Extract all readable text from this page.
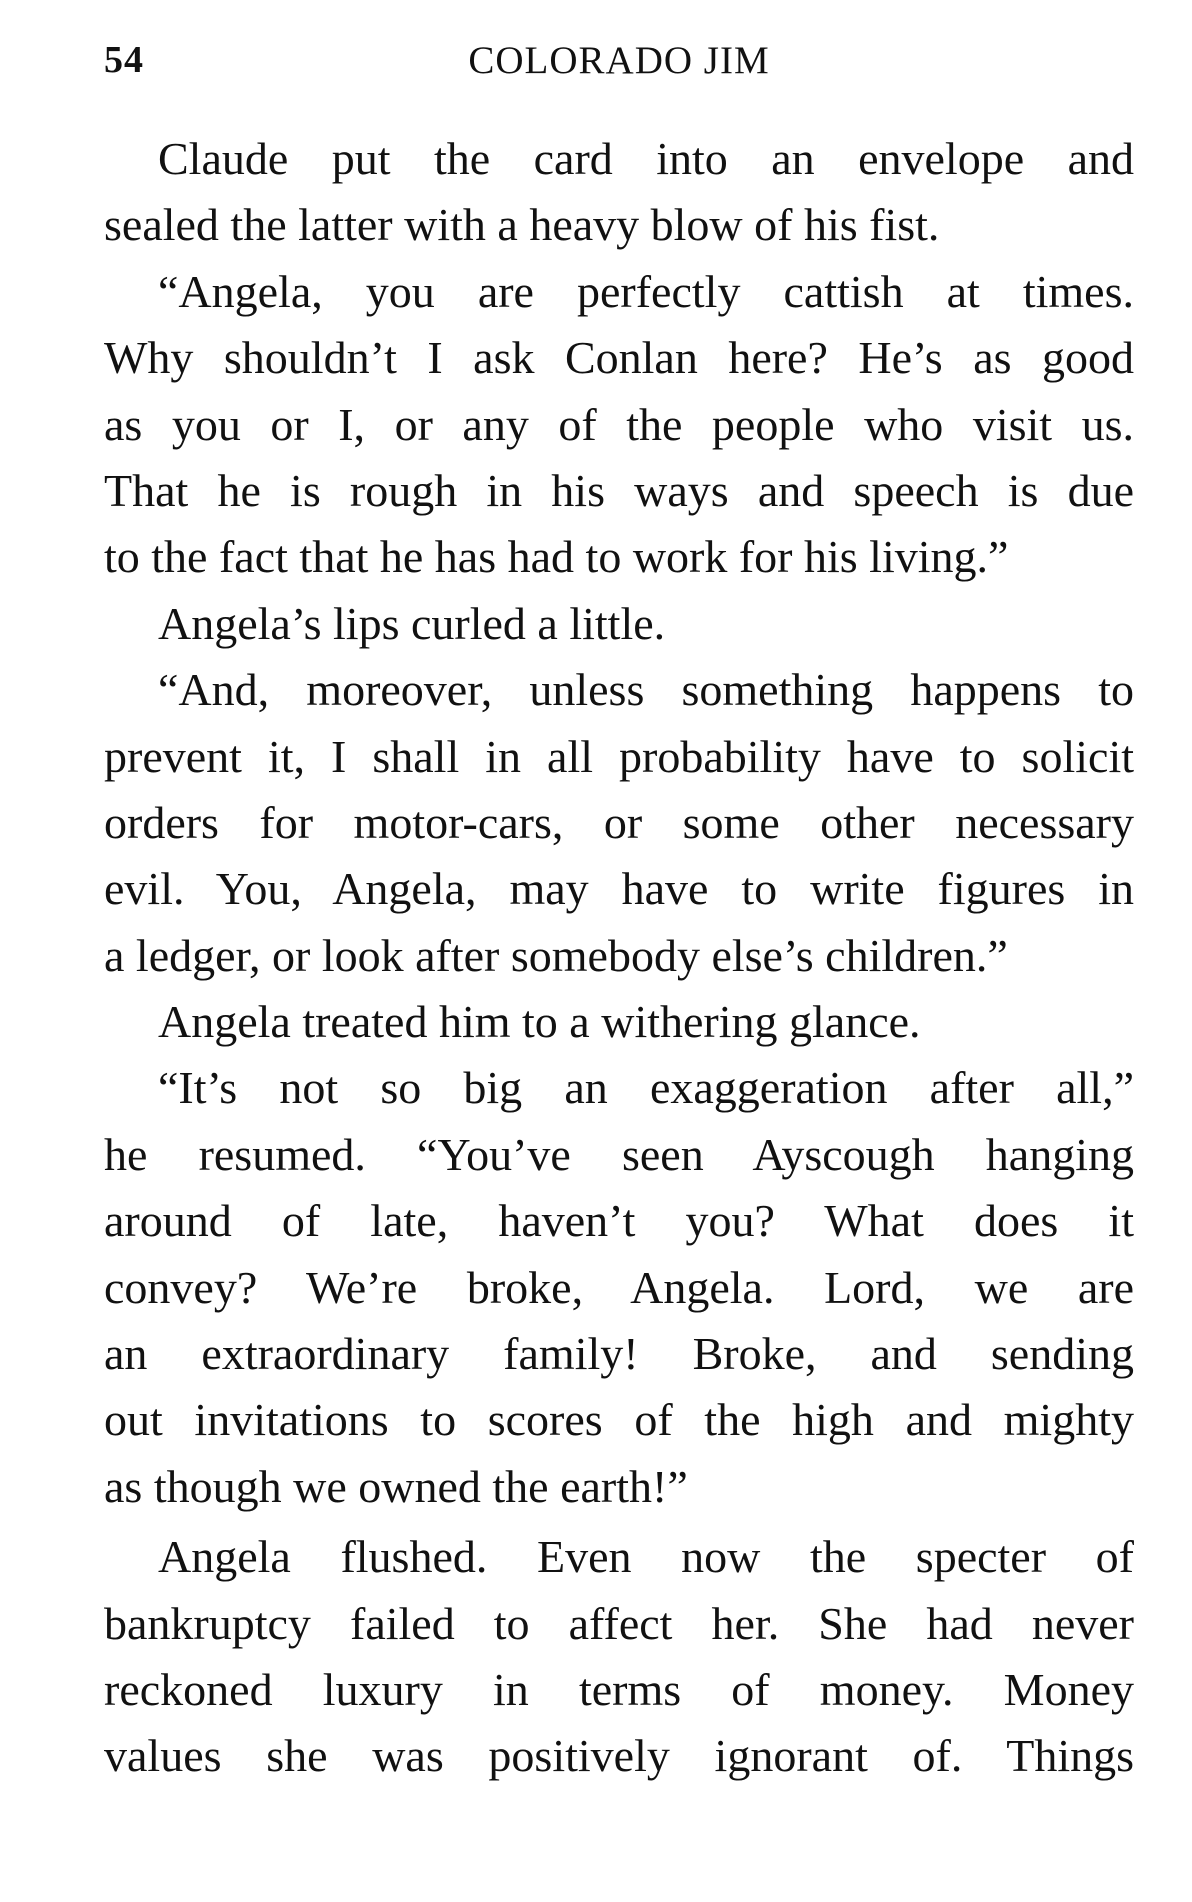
54	COLORADO JIM
Claude put the card into an envelope and
sealed the latter with a heavy blow of his fist.
“Angela, you are perfectly cattish at times.
Why shouldn’t I ask Conlan here? He’s as good
as you or I, or any of the people who visit us.
That he is rough in his ways and speech is due
to the fact that he has had to work for his living.”
Angela’s lips curled a little.
“And, moreover, unless something happens to
prevent it, I shall in all probability have to solicit
orders for motor-cars, or some other necessary
evil. You, Angela, may have to write figures in
a ledger, or look after somebody else’s children.”
Angela treated him to a withering glance.
“It’s not so big an exaggeration after all,”
he resumed. “You’ve seen Ayscough hanging
around of late, haven’t you? What does it
convey? We’re broke, Angela. Lord, we are
an extraordinary family! Broke, and sending
out invitations to scores of the high and mighty
as though we owned the earth!”
Angela flushed. Even now the specter of
bankruptcy failed to affect her. She had never
reckoned luxury in terms of money. Money
values she was positively ignorant of. Things
